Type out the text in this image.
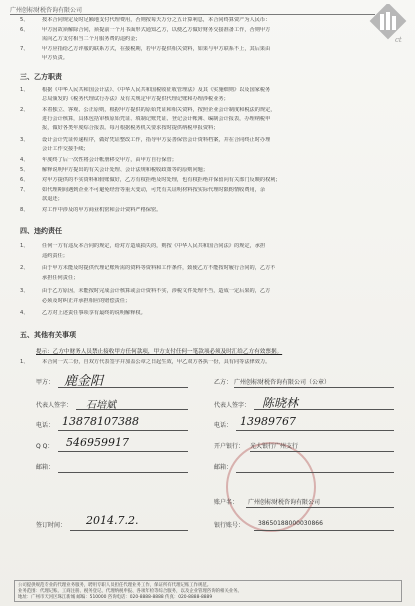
广州创标财税咨询有限公司
ct
5、	按本合同规定及时足额地支付代理费用，否则按每天万分之五计算利息，本合同终算资产为人民币：
6、	甲方因故须解除合同，须提前一个月书面形式通知乙方，以便乙方做好财务交接准备工作，否则甲方
需向乙方支付相当二个月服务费的违约金；
7、	甲方应指给乙方评服的联系方式，在接税期，若甲方提供相关资料，如果与甲方联系不上，其后果由
甲方负责。
三、乙方职责
1、	根据《中华人民共和国会计法》、《中华人民共和国税收征收管理法》及其《实施细则》以及国家税务
总局颁发的《税务代理试行办法》及有关规定甲方提供代理记账和办理涉税业务；
2、	本着独立、客观、公正原则，根据甲方提供的原始凭证和相关资料，按照企业会计制度和税法的规定，
进行会计核算，具体包括审核原始凭证、填制记账凭证、登记会计帐簿、编制会计报表，办理纳税申
报，做好各类年度综合报表。每月根据税务机关要求按时提供纳税申报资料；
3、	设计会计凭证传递程序，做好凭证整改工作，指导甲方妥善保管会计资料档案，并在合同终止时办理
会计工作交接手续；
4、	年度终了后一次性将会计帐册移交甲方，由甲方自行保管；
5、	解释说明甲方提出的有关会计处理、会计法规和税收政策等的原则问题；
6、	对甲方提供的不实资料和假账做好，乙方有权拒绝及时处理，也有权拒绝并保留向有关部门反映的权利；
7、	如代理期间遇到企业不可避免经营等重大变动，可凭有关证明材料按实际代理时限酌情收费用，余
款退还；
8、	对工作中涉及的甲方商业机密和会计资料严格保密。
四、违约责任
1、	任何一方有违反本合同的规定，给对方造成损失的，则按《中华人民共和国合同法》的规定，承担
违约责任；
2、	由于甲方未能及时提供代理记账所需的资料等资料和工作条件，致使乙方不能按时履行合同的，乙方不
承担任何责任；
3、	由于乙方原因，未能按时完成会计核算或会计资料不实，涉税文件处理不当，造成一定后果的，乙方
必须及时纠正并承担相应的赔偿责任；
4、	乙方对上述责任事项享有最终的说明解释权。
五、其他有关事项
提示：乙方中财务人员禁止接收甲方任何款项，甲方支付任何一笔款项必须及时汇给乙方有效票据。
1、	本合同一式二份，自双方代表签字并加盖公章之日起生效，甲乙双方各执一份，具有同等法律效力。
甲方： 鹿金阳
代表人签字： 石培斌
电话： 13878107388
Q Q： 546959917
邮箱：
签订时间： 2014.7.2.
乙方： 广州创标财税咨询有限公司（公章）
代表人签字： 陈晓林
电话： 13989767
开户银行： 光大银行广州支行
邮箱：
账户名： 广州创标财税咨询有限公司
银行账号： 38650188000030866
公司提供规范专业的代理业务服务，聘用专职人员担任代理业务工作，保证所有代理记账工作规范。
业务范围：代理记账、工商注册、税务登记、代理纳税申报、各项年检等综合服务，以及企业管理咨询的相关业务。
地址：广州市天河区珠江新城 邮编：510000 咨询电话：020-8888-8888 传真：020-8888-8889
